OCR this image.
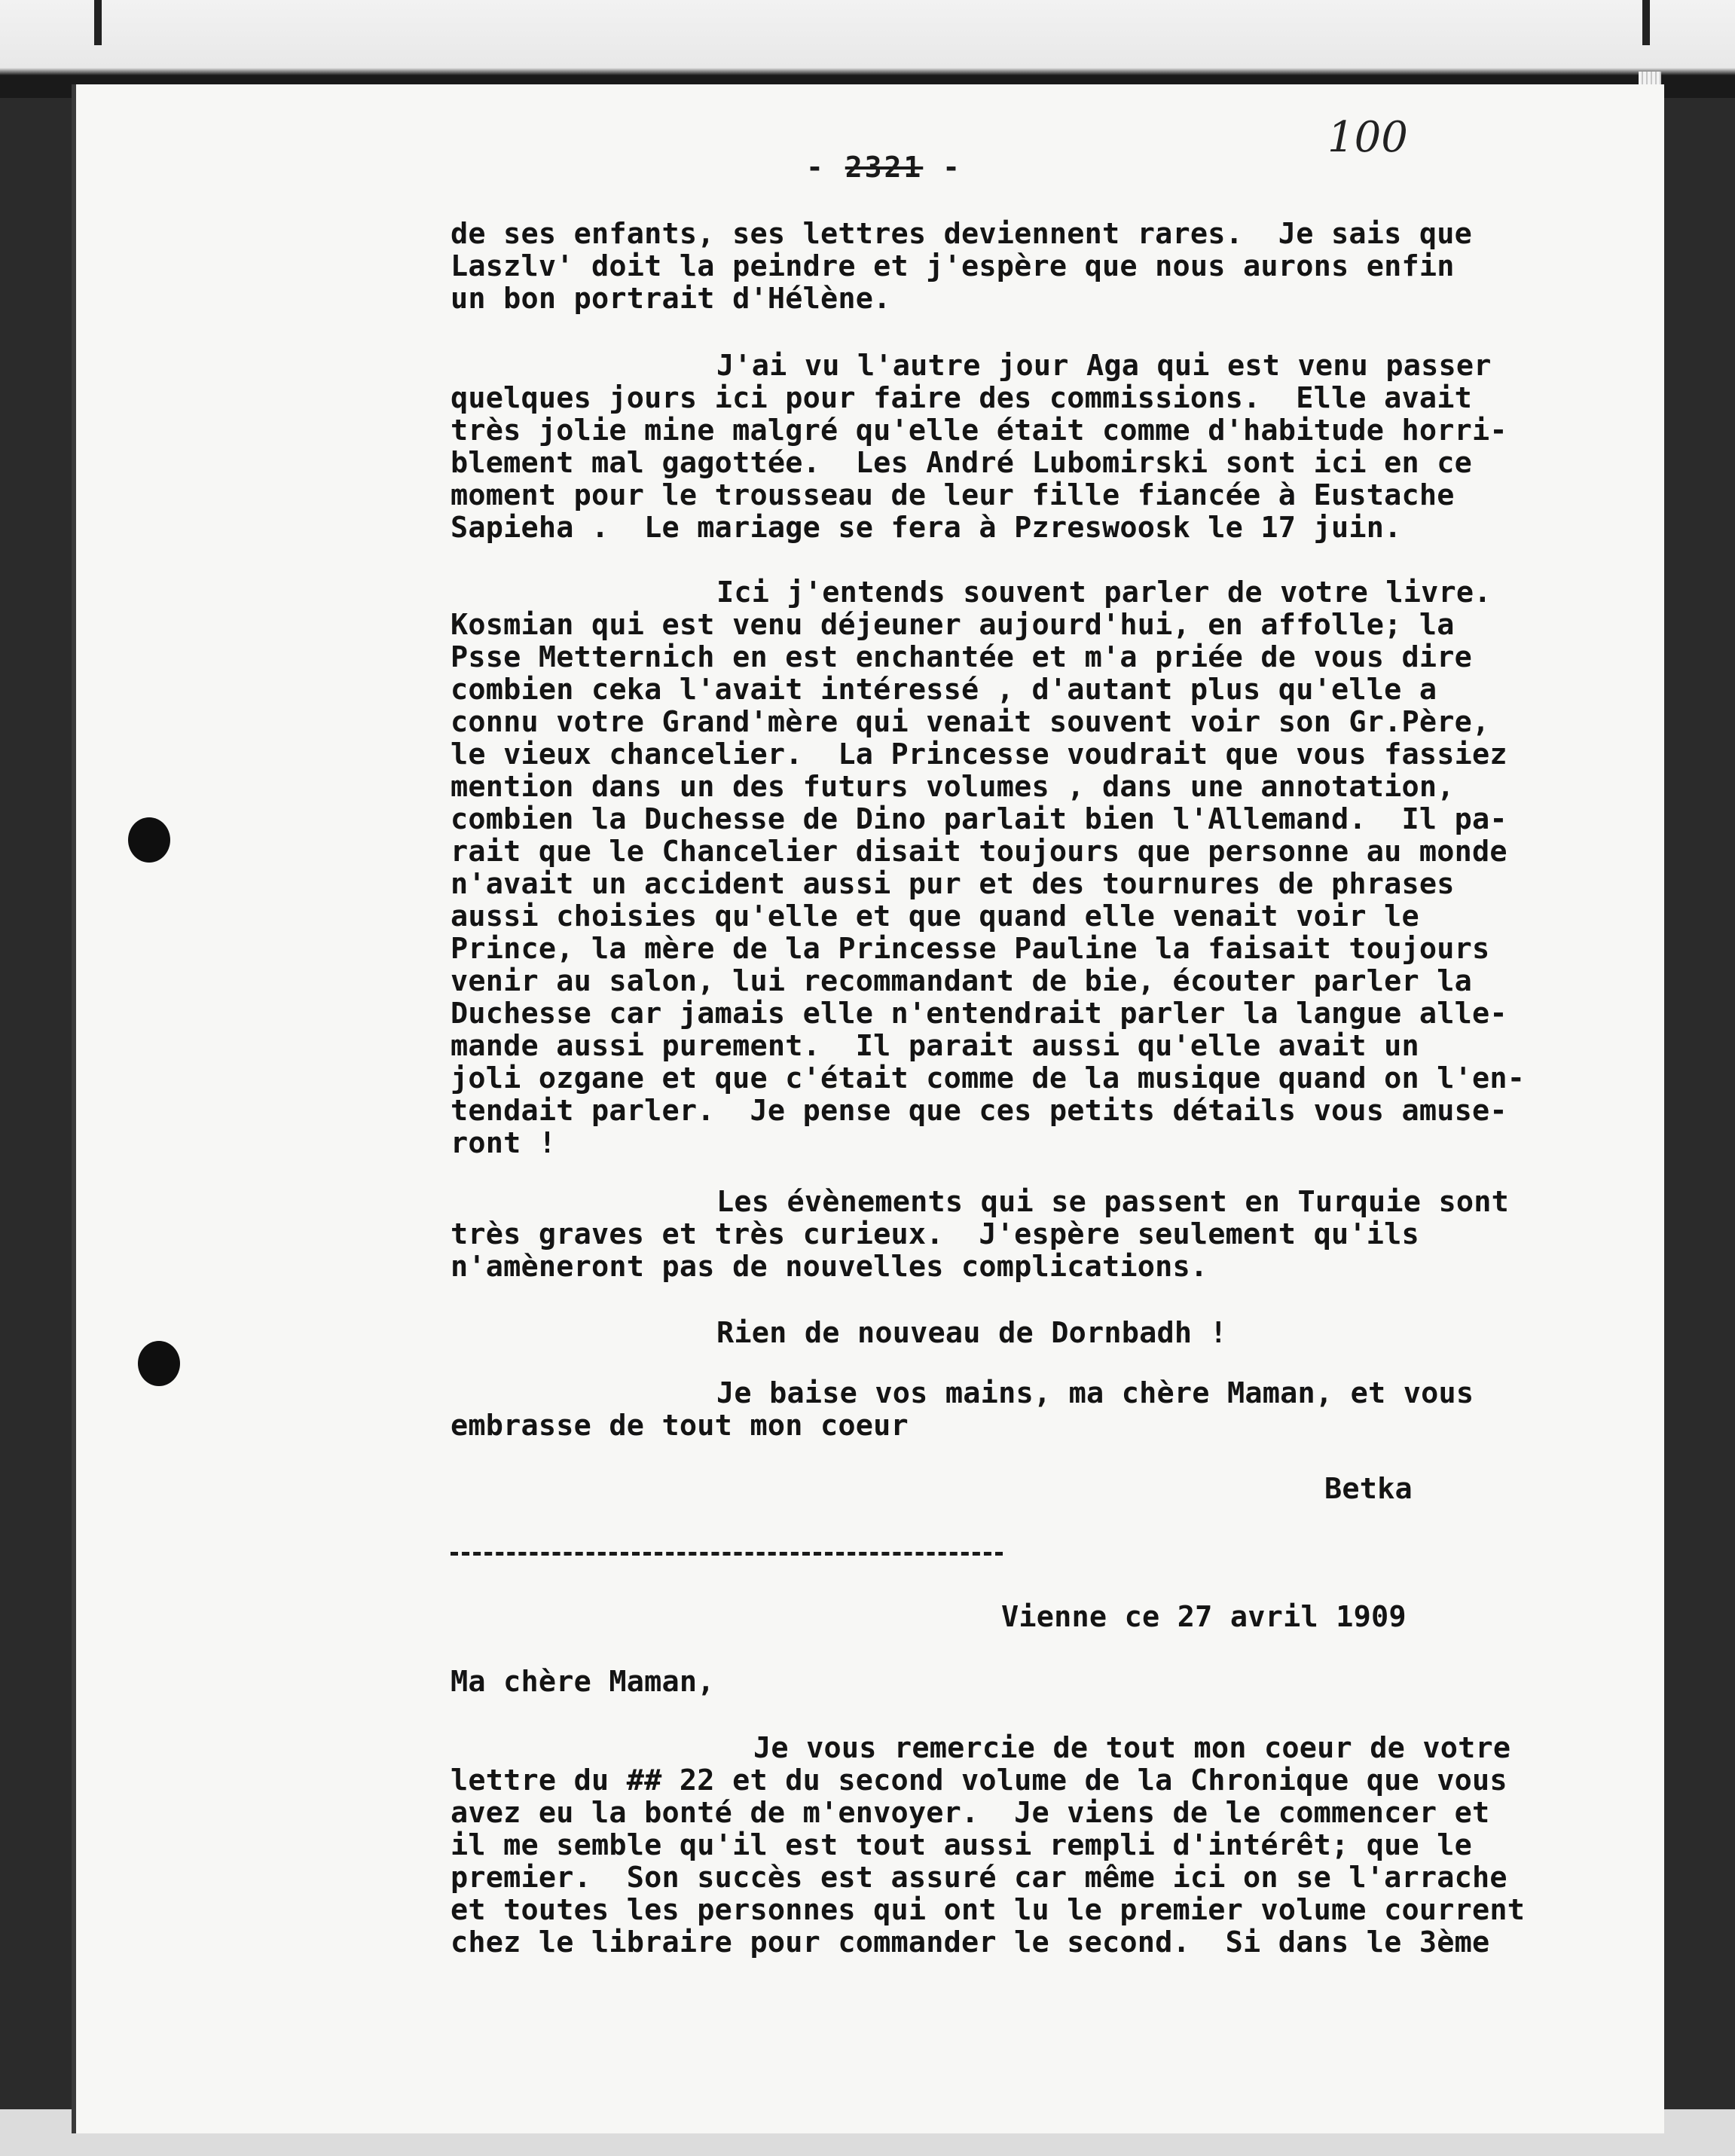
- 2321 -
100
de ses enfants, ses lettres deviennent rares.  Je sais que
Laszlv' doit la peindre et j'espère que nous aurons enfin
un bon portrait d'Hélène.
J'ai vu l'autre jour Aga qui est venu passer
quelques jours ici pour faire des commissions.  Elle avait
très jolie mine malgré qu'elle était comme d'habitude horri-
blement mal gagottée.  Les André Lubomirski sont ici en ce
moment pour le trousseau de leur fille fiancée à Eustache
Sapieha .  Le mariage se fera à Pzreswoosk le 17 juin.
Ici j'entends souvent parler de votre livre.
Kosmian qui est venu déjeuner aujourd'hui, en affolle; la
Psse Metternich en est enchantée et m'a priée de vous dire
combien ceka l'avait intéressé , d'autant plus qu'elle a
connu votre Grand'mère qui venait souvent voir son Gr.Père,
le vieux chancelier.  La Princesse voudrait que vous fassiez
mention dans un des futurs volumes , dans une annotation,
combien la Duchesse de Dino parlait bien l'Allemand.  Il pa-
rait que le Chancelier disait toujours que personne au monde
n'avait un accident aussi pur et des tournures de phrases
aussi choisies qu'elle et que quand elle venait voir le
Prince, la mère de la Princesse Pauline la faisait toujours
venir au salon, lui recommandant de bie, écouter parler la
Duchesse car jamais elle n'entendrait parler la langue alle-
mande aussi purement.  Il parait aussi qu'elle avait un
joli ozgane et que c'était comme de la musique quand on l'en-
tendait parler.  Je pense que ces petits détails vous amuse-
ront !
Les évènements qui se passent en Turquie sont
très graves et très curieux.  J'espère seulement qu'ils
n'amèneront pas de nouvelles complications.
Rien de nouveau de Dornbadh !
Je baise vos mains, ma chère Maman, et vous
embrasse de tout mon coeur
Betka
Vienne ce 27 avril 1909
Ma chère Maman,
Je vous remercie de tout mon coeur de votre
lettre du ## 22 et du second volume de la Chronique que vous
avez eu la bonté de m'envoyer.  Je viens de le commencer et
il me semble qu'il est tout aussi rempli d'intérêt; que le
premier.  Son succès est assuré car même ici on se l'arrache
et toutes les personnes qui ont lu le premier volume courrent
chez le libraire pour commander le second.  Si dans le 3ème
